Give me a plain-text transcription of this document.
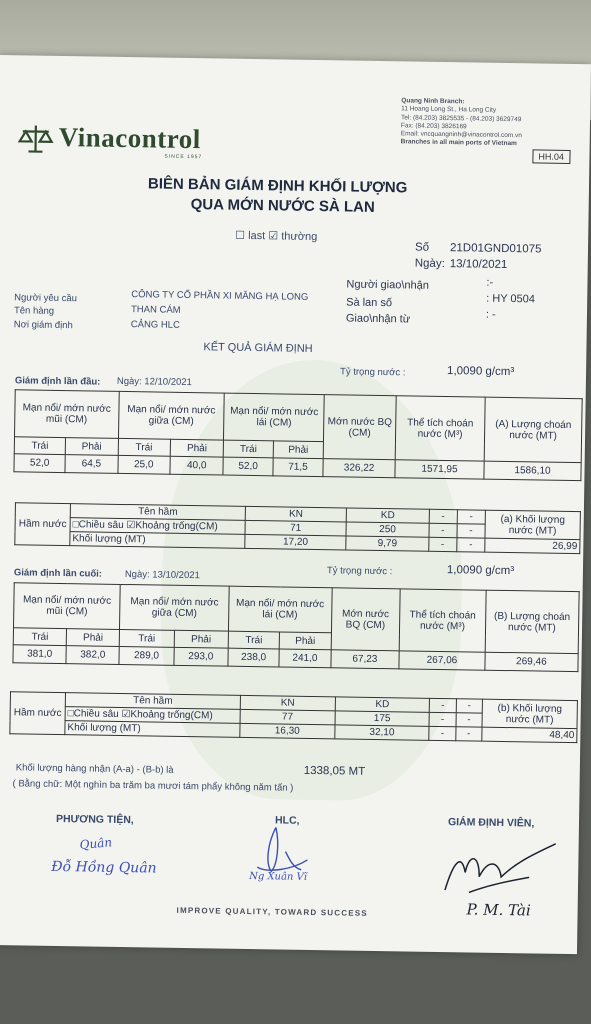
Vinacontrol
SINCE 1957
Quang Ninh Branch:
11 Hoang Long St., Ha Long City
Tel: (84.203) 3825535 - (84.203) 3629749
Fax: (84.203) 3826169
Email: vncquangninh@vinacontrol.com.vn
Branches in all main ports of Vietnam
HH.04
BIÊN BẢN GIÁM ĐỊNH KHỐI LƯỢNG
QUA MỚN NƯỚC SÀ LAN
☐ last ☑ thường
Số 21D01GND01075
Ngày: 13/10/2021
Người yêu cầu	CÔNG TY CỔ PHẦN XI MĂNG HẠ LONG
Tên hàng	THAN CÁM
Nơi giám định	CẢNG HLC
Người giao\nhận	:-
Sà lan số	: HY 0504
Giao\nhận từ	: -
KẾT QUẢ GIÁM ĐỊNH
Giám định lần đầu: Ngày: 12/10/2021
Tỷ trọng nước :	1,0090 g/cm³
Mạn nổi/ mớn nước mũi (CM)		Mạn nổi/ mớn nước giữa (CM)		Mạn nổi/ mớn nước lái (CM)		Mớn nước BQ (CM)	Thể tích choán nước (M³)	(A) Lượng choán nước (MT)
Trái	Phải	Trái	Phải	Trái	Phải			
52,0	64,5	25,0	40,0	52,0	71,5	326,22	1571,95	1586,10
Hầm nước	Tên hầm	KN	KD	-	-	(a) Khối lượng nước (MT)
	□Chiều sâu ☑Khoảng trống(CM)	71	250	-	-	
	Khối lượng (MT)	17,20	9,79	-	-	26,99
Giám định lần cuối: Ngày: 13/10/2021	Tỷ trọng nước :	1,0090 g/cm³
Mạn nổi/ mớn nước mũi (CM)		Mạn nổi/ mớn nước giữa (CM)		Mạn nổi/ mớn nước lái (CM)		Mớn nước BQ (CM)	Thể tích choán nước (M³)	(B) Lượng choán nước (MT)
Trái	Phải	Trái	Phải	Trái	Phải			
381,0	382,0	289,0	293,0	238,0	241,0	67,23	267,06	269,46
Hầm nước	Tên hầm	KN	KD	-	-	(b) Khối lượng nước (MT)
	□Chiều sâu ☑Khoảng trống(CM)	77	175	-	-	
	Khối lượng (MT)	16,30	32,10	-	-	48,40
Khối lượng hàng nhận (A-a) - (B-b) là	1338,05 MT
( Bằng chữ: Một nghìn ba trăm ba mươi tám phẩy không năm tấn )
PHƯƠNG TIỆN,	HLC,	GIÁM ĐỊNH VIÊN,
Quân
Đỗ Hồng Quân
Ng Xuân Vĩ
P. M. Tài
IMPROVE QUALITY, TOWARD SUCCESS
